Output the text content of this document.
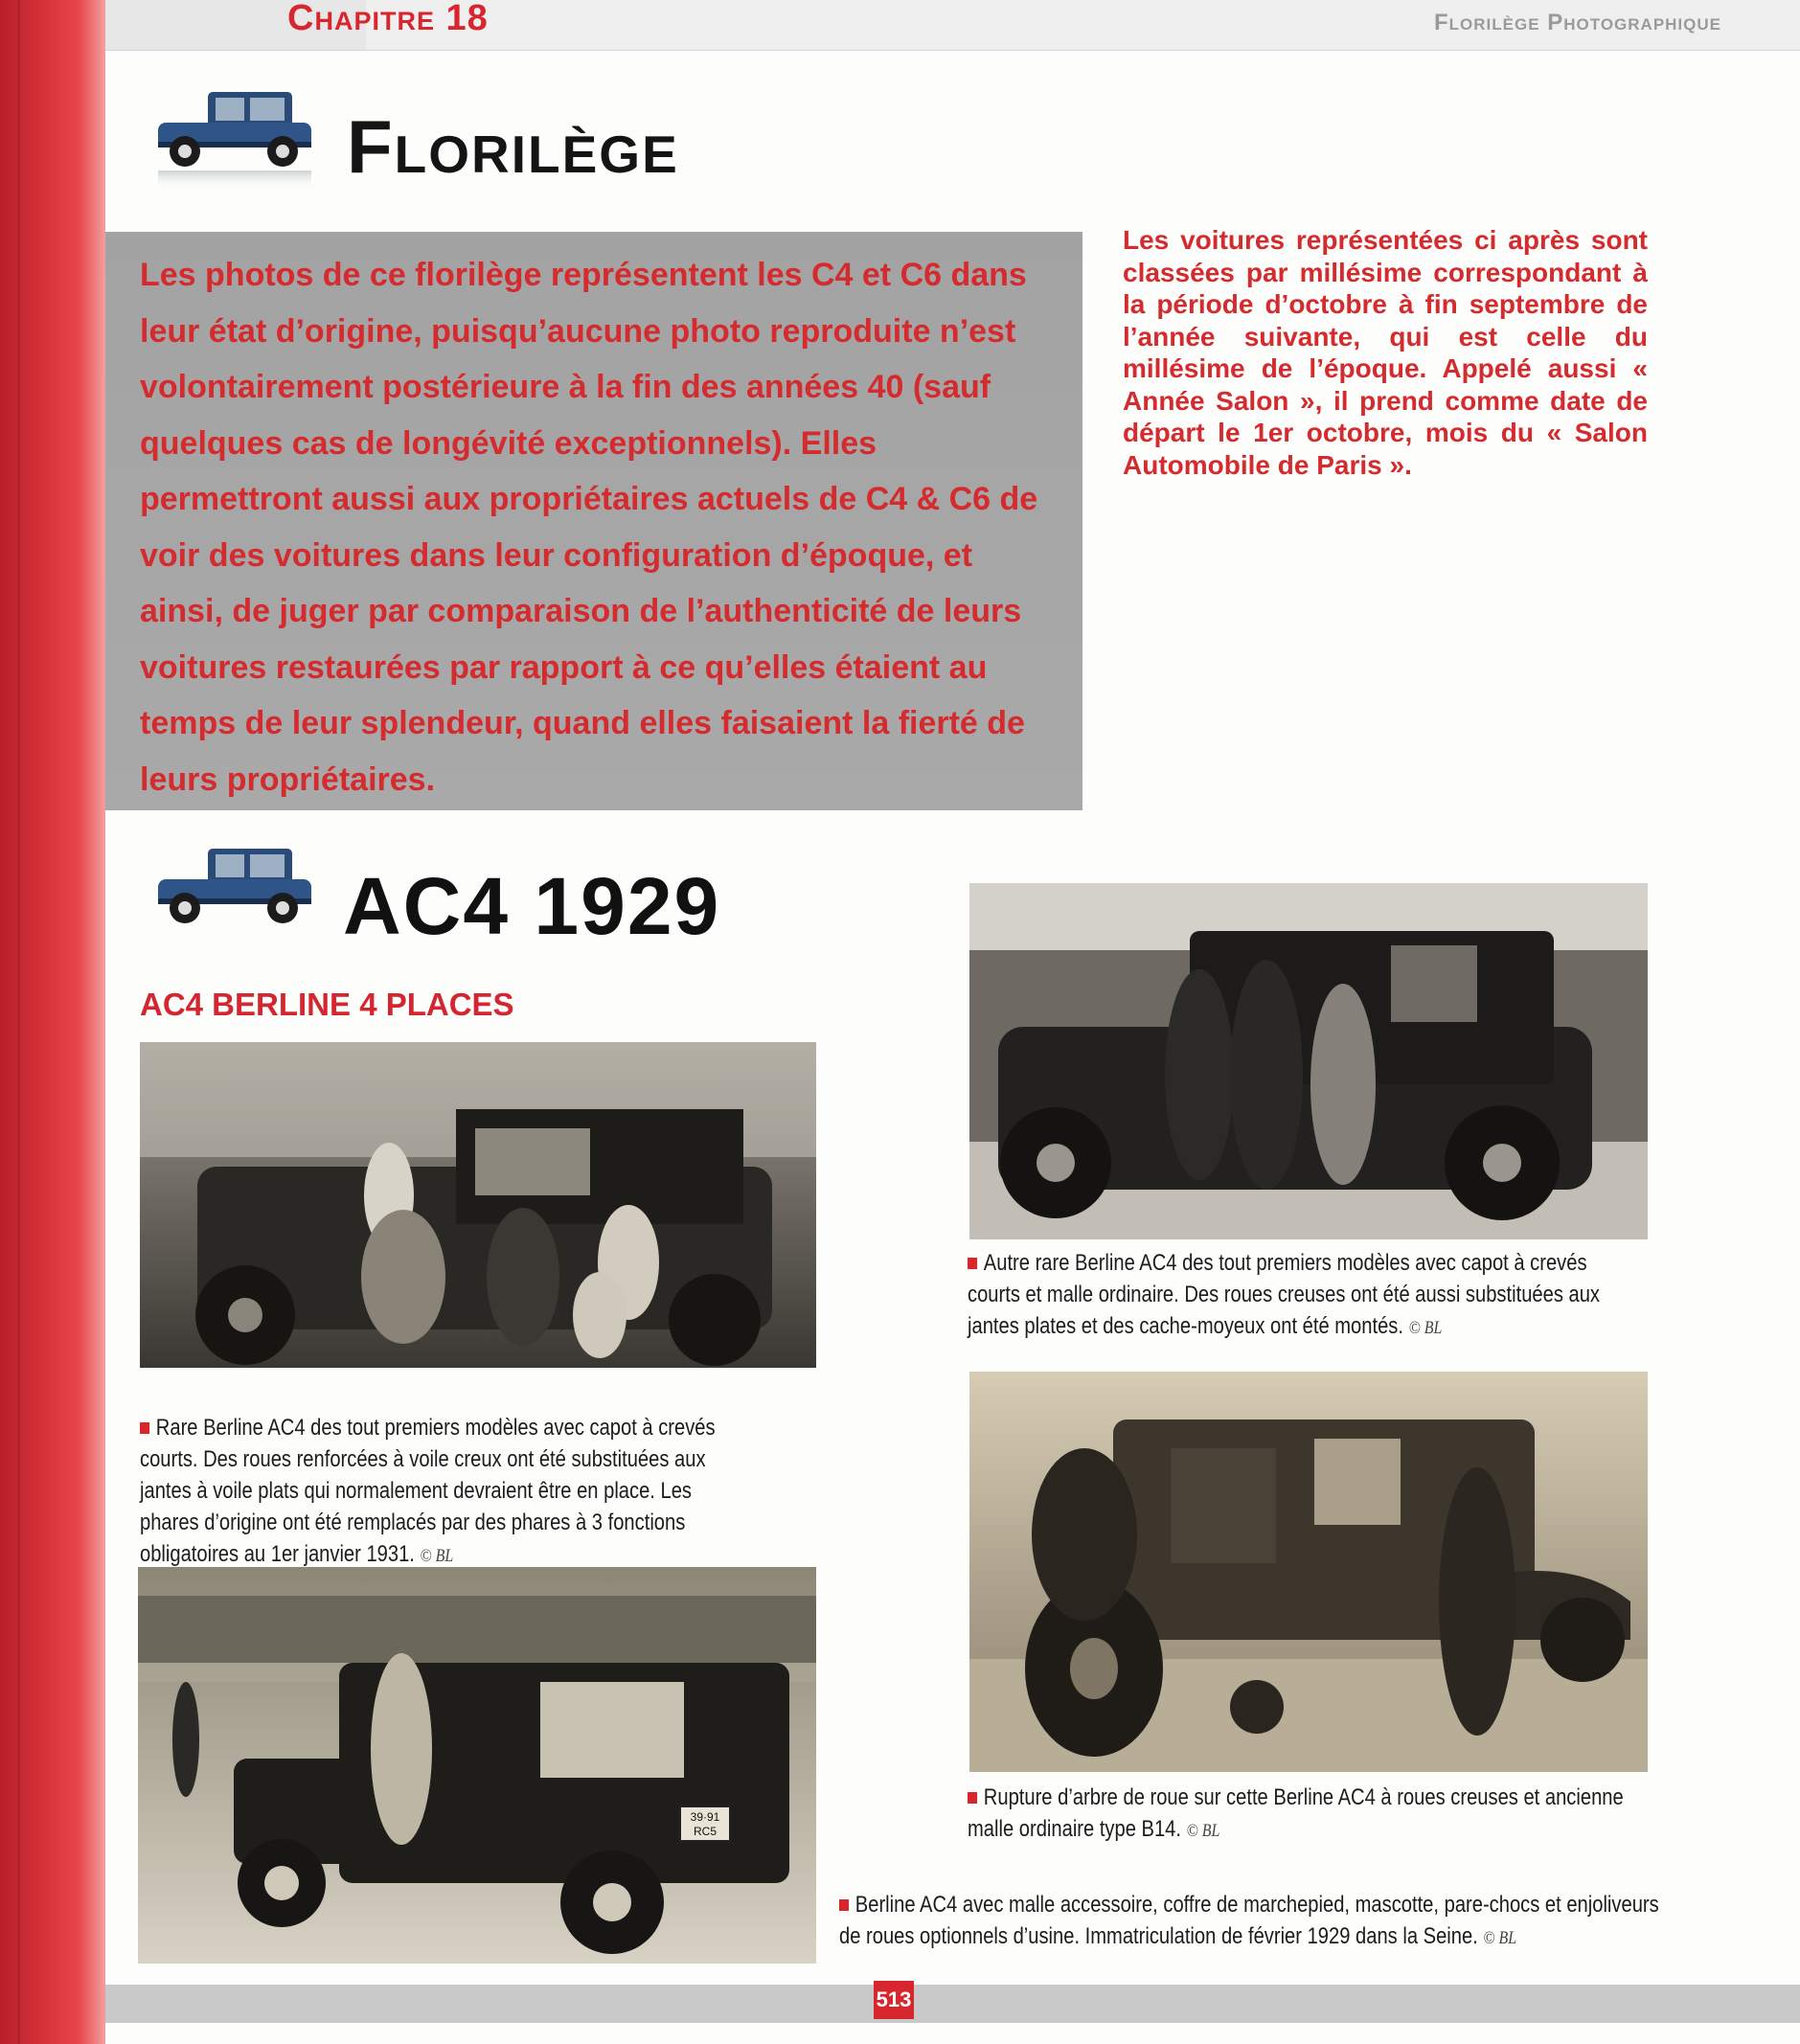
Chapitre 18	Florilège Photographique
Florilège
Les photos de ce florilège représentent les C4 et C6 dans leur état d’origine, puisqu’aucune photo reproduite n’est volontairement postérieure à la fin des années 40 (sauf quelques cas de longévité exceptionnels). Elles permettront aussi aux propriétaires actuels de C4 & C6 de voir des voitures dans leur configuration d’époque, et ainsi, de juger par comparaison de l’authenticité de leurs voitures restaurées par rapport à ce qu’elles étaient au temps de leur splendeur, quand elles faisaient la fierté de leurs propriétaires.
Les voitures représentées ci après sont classées par millésime correspondant à la période d’octobre à fin septembre de l’année suivante, qui est celle du millésime de l’époque. Appelé aussi « Année Salon », il prend comme date de départ le 1er octobre, mois du « Salon Automobile de Paris ».
AC4 1929
AC4 BERLINE 4 PLACES
Rare Berline AC4 des tout premiers modèles avec capot à crevés courts. Des roues renforcées à voile creux ont été substituées aux jantes à voile plats qui normalement devraient être en place. Les phares d’origine ont été remplacés par des phares à 3 fonctions obligatoires au 1er janvier 1931. © BL
Autre rare Berline AC4 des tout premiers modèles avec capot à crevés courts et malle ordinaire. Des roues creuses ont été aussi substituées aux jantes plates et des cache-moyeux ont été montés. © BL
Rupture d’arbre de roue sur cette Berline AC4 à roues creuses et ancienne malle ordinaire type B14. © BL
39·91
RC5
Berline AC4 avec malle accessoire, coffre de marchepied, mascotte, pare-chocs et enjoliveurs de roues optionnels d’usine. Immatriculation de février 1929 dans la Seine. © BL
513
